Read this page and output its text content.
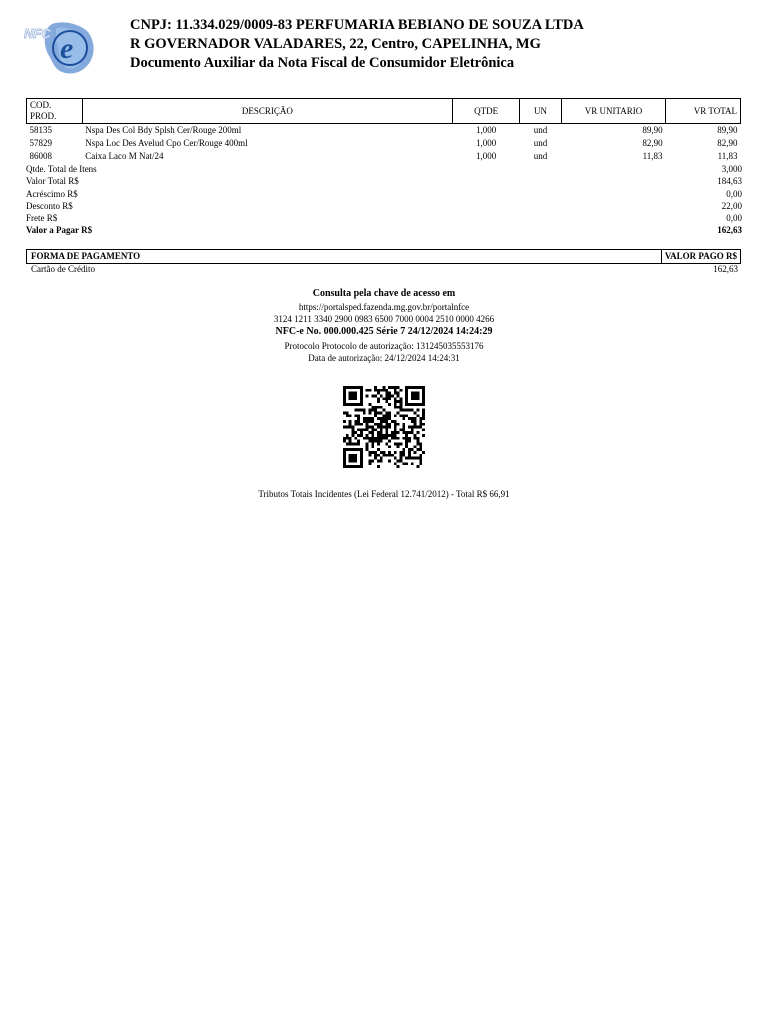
e
NFC
CNPJ: 11.334.029/0009-83 PERFUMARIA BEBIANO DE SOUZA LTDA
R GOVERNADOR VALADARES, 22, Centro, CAPELINHA, MG
Documento Auxiliar da Nota Fiscal de Consumidor Eletrônica
COD. PROD.	DESCRIÇÃO	QTDE	UN	VR UNITARIO	VR TOTAL
58135	Nspa Des Col Bdy Splsh Cer/Rouge 200ml	1,000	und	89,90	89,90
57829	Nspa Loc Des Avelud Cpo Cer/Rouge 400ml	1,000	und	82,90	82,90
86008	Caixa Laco M Nat/24	1,000	und	11,83	11,83
Qtde. Total de Itens	3,000
Valor Total R$	184,63
Acréscimo R$	0,00
Desconto R$	22,00
Frete R$	0,00
Valor a Pagar R$	162,63
FORMA DE PAGAMENTO	VALOR PAGO R$
Cartão de Crédito	162,63
Consulta pela chave de acesso em
https://portalsped.fazenda.mg.gov.br/portalnfce
3124 1211 3340 2900 0983 6500 7000 0004 2510 0000 4266
NFC-e No. 000.000.425 Série 7 24/12/2024 14:24:29
Protocolo Protocolo de autorização: 131245035553176
Data de autorização: 24/12/2024 14:24:31
Tributos Totais Incidentes (Lei Federal 12.741/2012) - Total R$ 66,91
